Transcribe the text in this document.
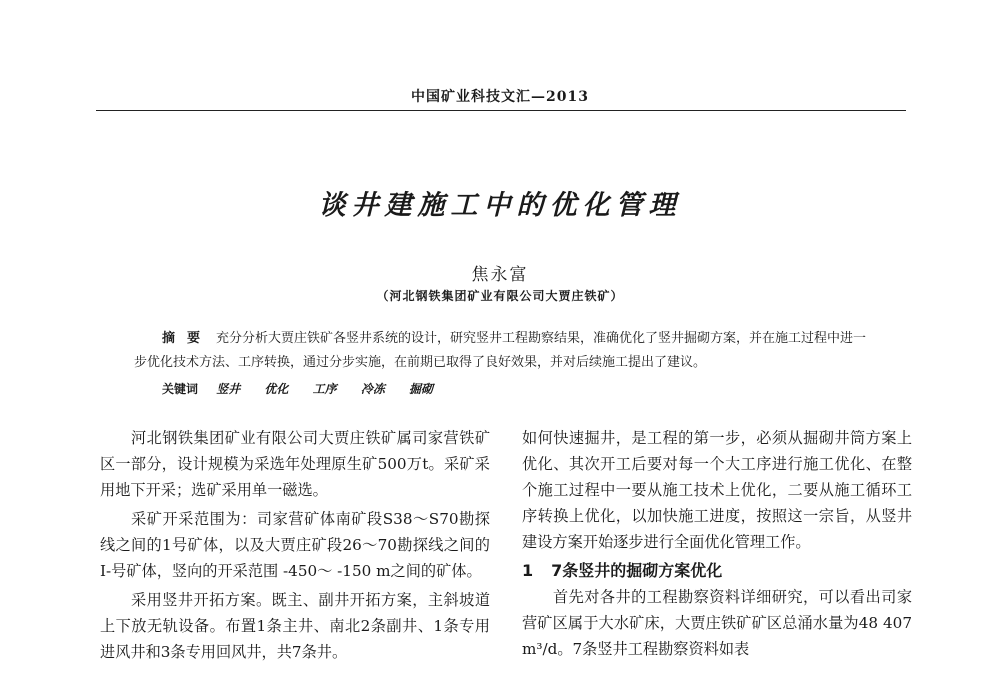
中国矿业科技文汇—2013
谈井建施工中的优化管理
焦永富
（河北钢铁集团矿业有限公司大贾庄铁矿）
摘要 充分分析大贾庄铁矿各竖井系统的设计，研究竖井工程勘察结果，准确优化了竖井掘砌方案，并在施工过程中进一步优化技术方法、工序转换，通过分步实施，在前期已取得了良好效果，并对后续施工提出了建议。
关键词 竖井 优化 工序 冷冻 掘砌

河北钢铁集团矿业有限公司大贾庄铁矿属司家营铁矿区一部分，设计规模为采选年处理原生矿500万t。采矿采用地下开采；选矿采用单一磁选。

采矿开采范围为：司家营矿体南矿段S38～S70勘探线之间的1号矿体，以及大贾庄矿段26～70勘探线之间的Ⅰ-号矿体，竖向的开采范围 -450～ -150 m之间的矿体。

采用竖井开拓方案。既主、副井开拓方案，主斜坡道上下放无轨设备。布置1条主井、南北2条副井、1条专用进风井和3条专用回风井，共7条井。

如何快速掘井，是工程的第一步，必须从掘砌井筒方案上优化、其次开工后要对每一个大工序进行施工优化、在整个施工过程中一要从施工技术上优化，二要从施工循环工序转换上优化，以加快施工进度，按照这一宗旨，从竖井建设方案开始逐步进行全面优化管理工作。

1 7条竖井的掘砌方案优化

首先对各井的工程勘察资料详细研究，可以看出司家营矿区属于大水矿床，大贾庄铁矿矿区总涌水量为48 407 m³/d。7条竖井工程勘察资料如表
